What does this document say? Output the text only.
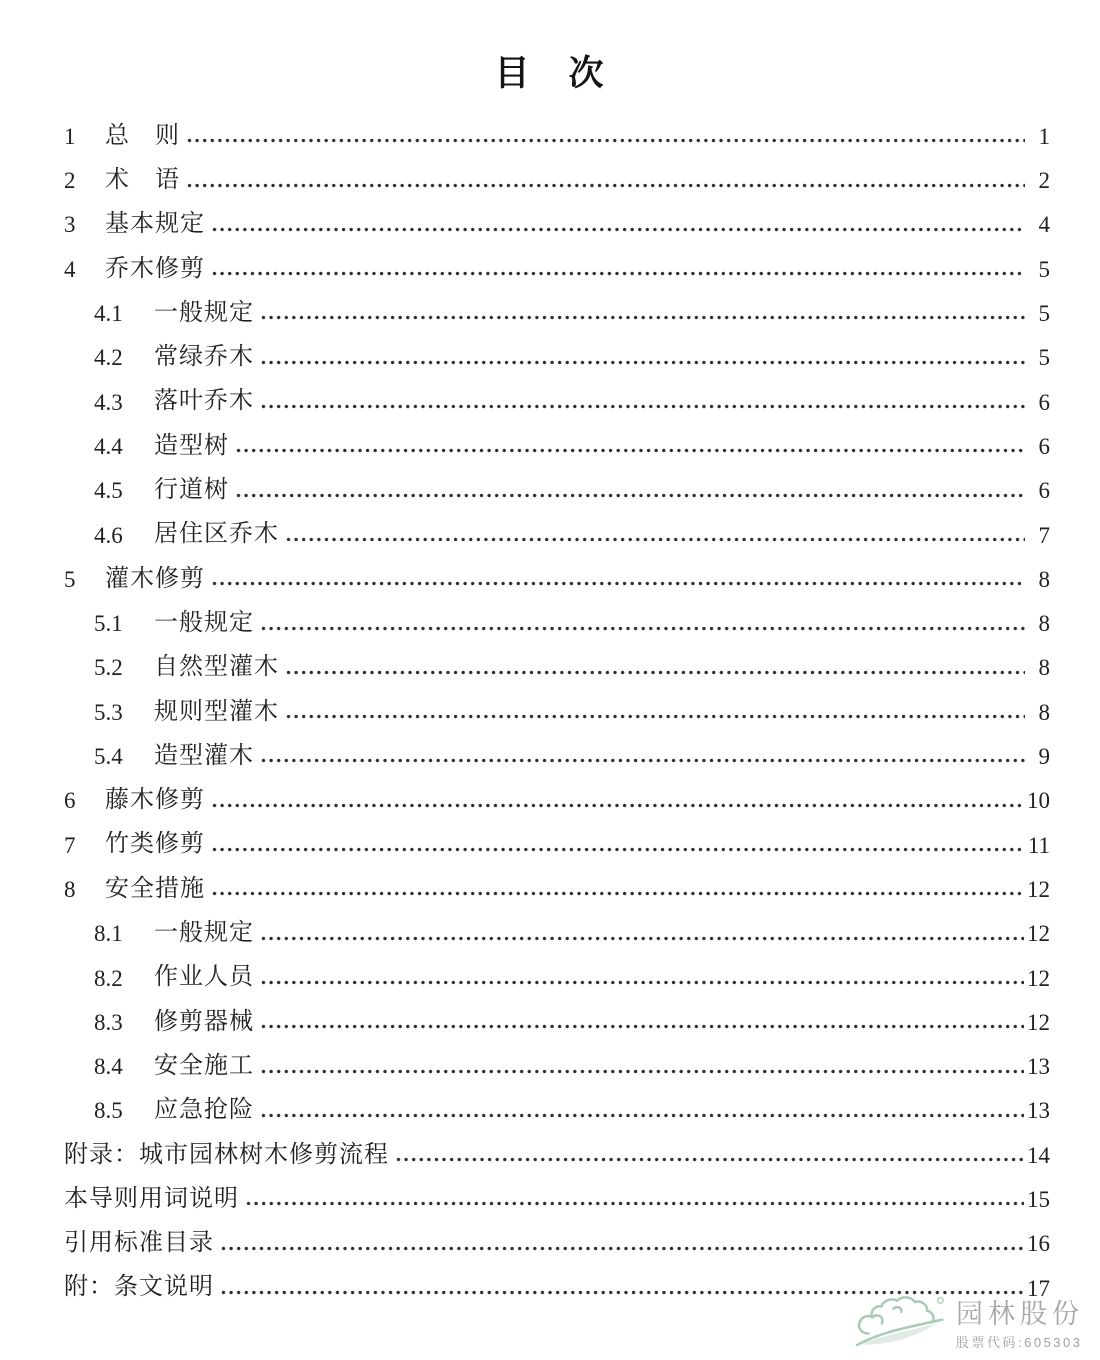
目　次
1	总　则	1
2	术　语	2
3	基本规定	4
4	乔木修剪	5
4.1	一般规定	5
4.2	常绿乔木	5
4.3	落叶乔木	6
4.4	造型树	6
4.5	行道树	6
4.6	居住区乔木	7
5	灌木修剪	8
5.1	一般规定	8
5.2	自然型灌木	8
5.3	规则型灌木	8
5.4	造型灌木	9
6	藤木修剪	10
7	竹类修剪	11
8	安全措施	12
8.1	一般规定	12
8.2	作业人员	12
8.3	修剪器械	12
8.4	安全施工	13
8.5	应急抢险	13
附录：城市园林树木修剪流程	14
本导则用词说明	15
引用标准目录	16
附：条文说明	17
园林股份
股票代码:605303
